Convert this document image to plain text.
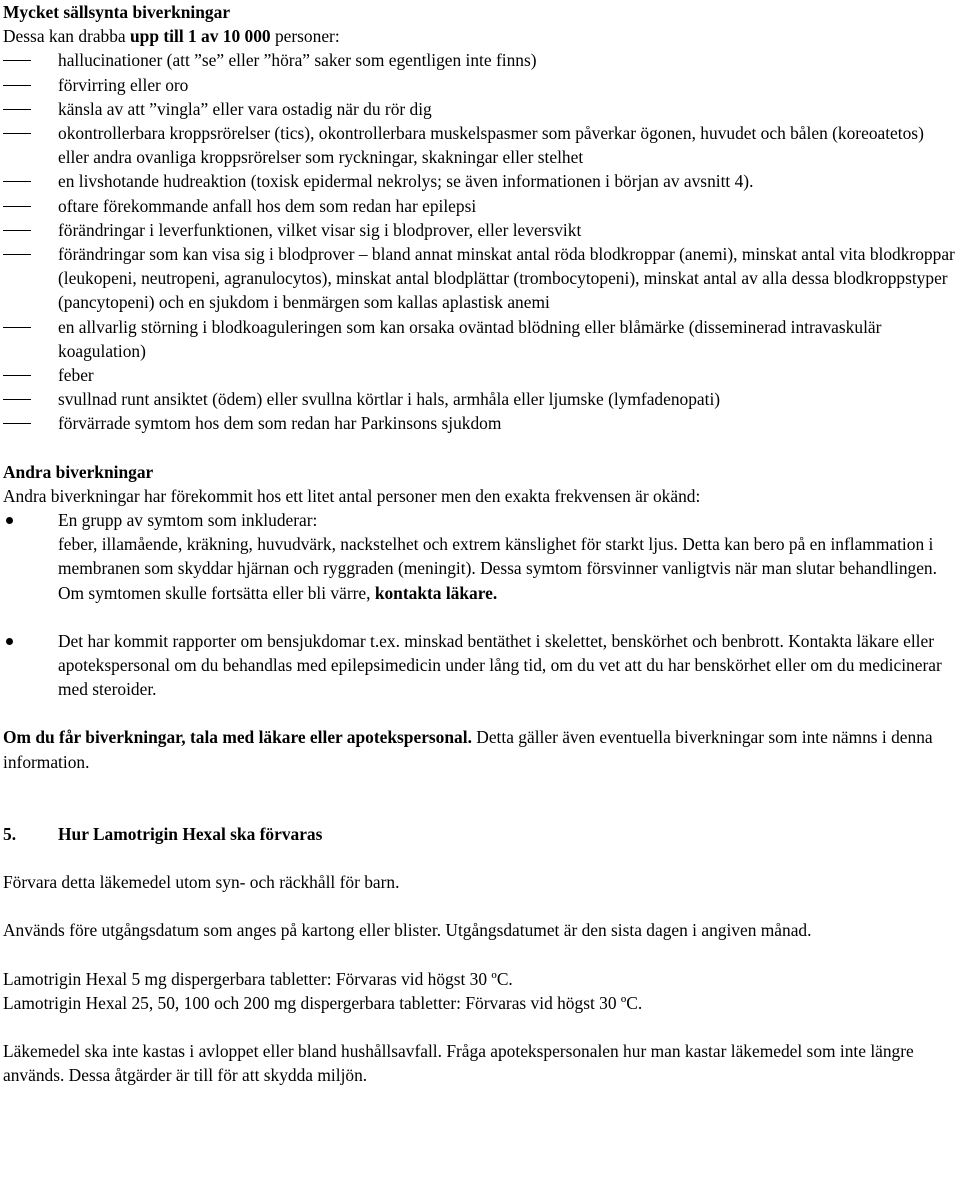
Mycket sällsynta biverkningar

Dessa kan drabba upp till 1 av 10 000 personer:

hallucinationer (att ”se” eller ”höra” saker som egentligen inte finns)
förvirring eller oro
känsla av att ”vingla” eller vara ostadig när du rör dig
okontrollerbara kroppsrörelser (tics), okontrollerbara muskelspasmer som påverkar ögonen, huvudet och bålen (koreoatetos) eller andra ovanliga kroppsrörelser som ryckningar, skakningar eller stelhet
en livshotande hudreaktion (toxisk epidermal nekrolys; se även informationen i början av avsnitt 4).
oftare förekommande anfall hos dem som redan har epilepsi
förändringar i leverfunktionen, vilket visar sig i blodprover, eller leversvikt
förändringar som kan visa sig i blodprover – bland annat minskat antal röda blodkroppar (anemi), minskat antal vita blodkroppar (leukopeni, neutropeni, agranulocytos), minskat antal blodplättar (trombocytopeni), minskat antal av alla dessa blodkroppstyper (pancytopeni) och en sjukdom i benmärgen som kallas aplastisk anemi
en allvarlig störning i blodkoaguleringen som kan orsaka oväntad blödning eller blåmärke (disseminerad intravaskulär koagulation)
feber
svullnad runt ansiktet (ödem) eller svullna körtlar i hals, armhåla eller ljumske (lymfadenopati)
förvärrade symtom hos dem som redan har Parkinsons sjukdom

Andra biverkningar

Andra biverkningar har förekommit hos ett litet antal personer men den exakta frekvensen är okänd:

En grupp av symtom som inkluderar:
feber, illamående, kräkning, huvudvärk, nackstelhet och extrem känslighet för starkt ljus. Detta kan bero på en inflammation i membranen som skyddar hjärnan och ryggraden (meningit). Dessa symtom försvinner vanligtvis när man slutar behandlingen. Om symtomen skulle fortsätta eller bli värre, kontakta läkare.
Det har kommit rapporter om bensjukdomar t.ex. minskad bentäthet i skelettet, benskörhet och benbrott. Kontakta läkare eller apotekspersonal om du behandlas med epilepsimedicin under lång tid, om du vet att du har benskörhet eller om du medicinerar med steroider.

Om du får biverkningar, tala med läkare eller apotekspersonal. Detta gäller även eventuella biverkningar som inte nämns i denna information.

5.	Hur Lamotrigin Hexal ska förvaras

Förvara detta läkemedel utom syn- och räckhåll för barn.

Används före utgångsdatum som anges på kartong eller blister. Utgångsdatumet är den sista dagen i angiven månad.

Lamotrigin Hexal 5 mg dispergerbara tabletter: Förvaras vid högst 30 ºC.

Lamotrigin Hexal 25, 50, 100 och 200 mg dispergerbara tabletter: Förvaras vid högst 30 ºC.

Läkemedel ska inte kastas i avloppet eller bland hushållsavfall. Fråga apotekspersonalen hur man kastar läkemedel som inte längre används. Dessa åtgärder är till för att skydda miljön.
